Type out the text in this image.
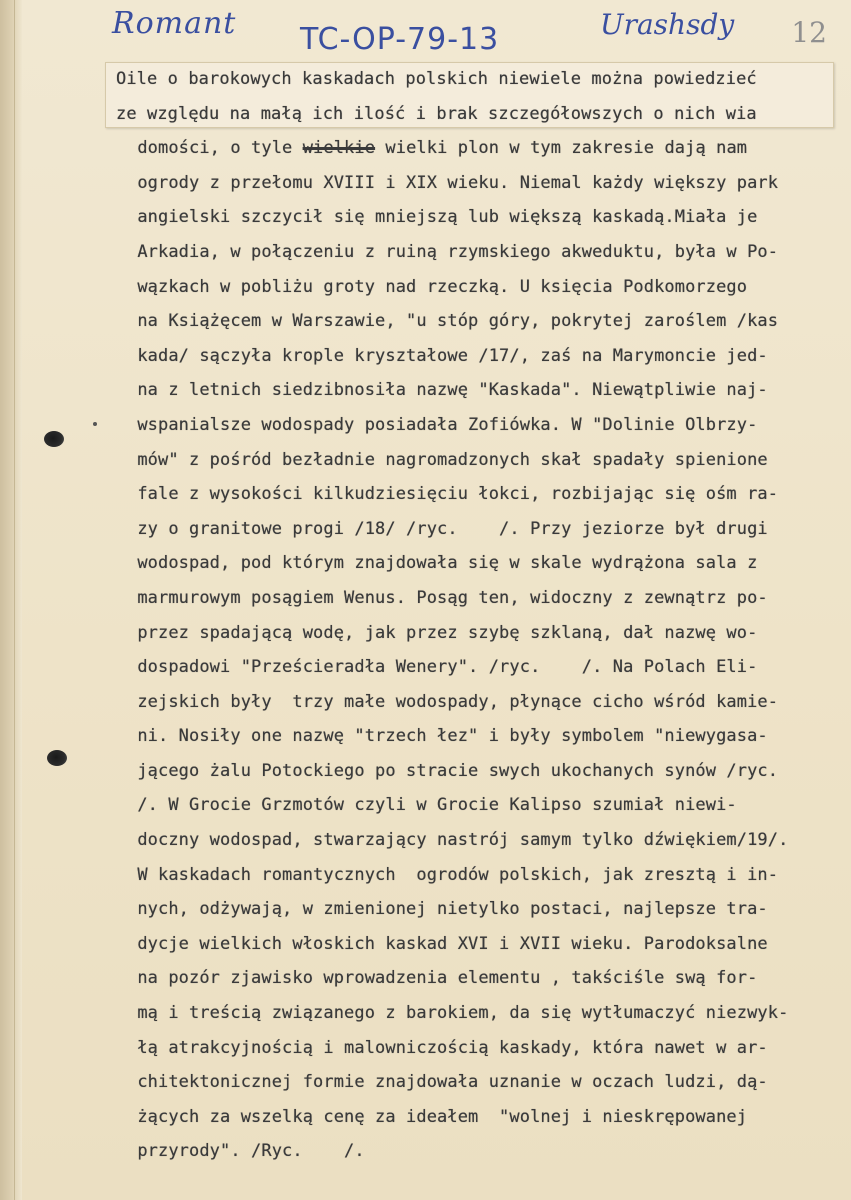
Romant TC-OP-79-13	Urashsdy 12
Oile o barokowych kaskadach polskich niewiele można powiedzieć
ze względu na małą ich ilość i brak szczegółowszych o nich wia
domości, o tyle wielkie wielki plon w tym zakresie dają nam
ogrody z przełomu XVIII i XIX wieku. Niemal każdy większy park
angielski szczycił się mniejszą lub większą kaskadą.Miała je
Arkadia, w połączeniu z ruiną rzymskiego akweduktu, była w Po-
wązkach w pobliżu groty nad rzeczką. U księcia Podkomorzego
na Książęcem w Warszawie, "u stóp góry, pokrytej zaroślem /kas
kada/ sączyła krople kryształowe /17/, zaś na Marymoncie jed-
na z letnich siedzibnosiła nazwę "Kaskada". Niewątpliwie naj-
wspanialsze wodospady posiadała Zofiówka. W "Dolinie Olbrzy-
mów" z pośród bezładnie nagromadzonych skał spadały spienione
fale z wysokości kilkudziesięciu łokci, rozbijając się ośm ra-
zy o granitowe progi /18/ /ryc.    /. Przy jeziorze był drugi
wodospad, pod którym znajdowała się w skale wydrążona sala z
marmurowym posągiem Wenus. Posąg ten, widoczny z zewnątrz po-
przez spadającą wodę, jak przez szybę szklaną, dał nazwę wo-
dospadowi "Prześcieradła Wenery". /ryc.    /. Na Polach Eli-
zejskich były  trzy małe wodospady, płynące cicho wśród kamie-
ni. Nosiły one nazwę "trzech łez" i były symbolem "niewygasa-
jącego żalu Potockiego po stracie swych ukochanych synów /ryc.
/. W Grocie Grzmotów czyli w Grocie Kalipso szumiał niewi-
doczny wodospad, stwarzający nastrój samym tylko dźwiękiem/19/.
W kaskadach romantycznych  ogrodów polskich, jak zresztą i in-
nych, odżywają, w zmienionej nietylko postaci, najlepsze tra-
dycje wielkich włoskich kaskad XVI i XVII wieku. Parodoksalne
na pozór zjawisko wprowadzenia elementu , takściśle swą for-
mą i treścią związanego z barokiem, da się wytłumaczyć niezwyk-
łą atrakcyjnością i malowniczością kaskady, która nawet w ar-
chitektonicznej formie znajdowała uznanie w oczach ludzi, dą-
żących za wszelką cenę za ideałem  "wolnej i nieskrępowanej
przyrody". /Ryc.    /.
